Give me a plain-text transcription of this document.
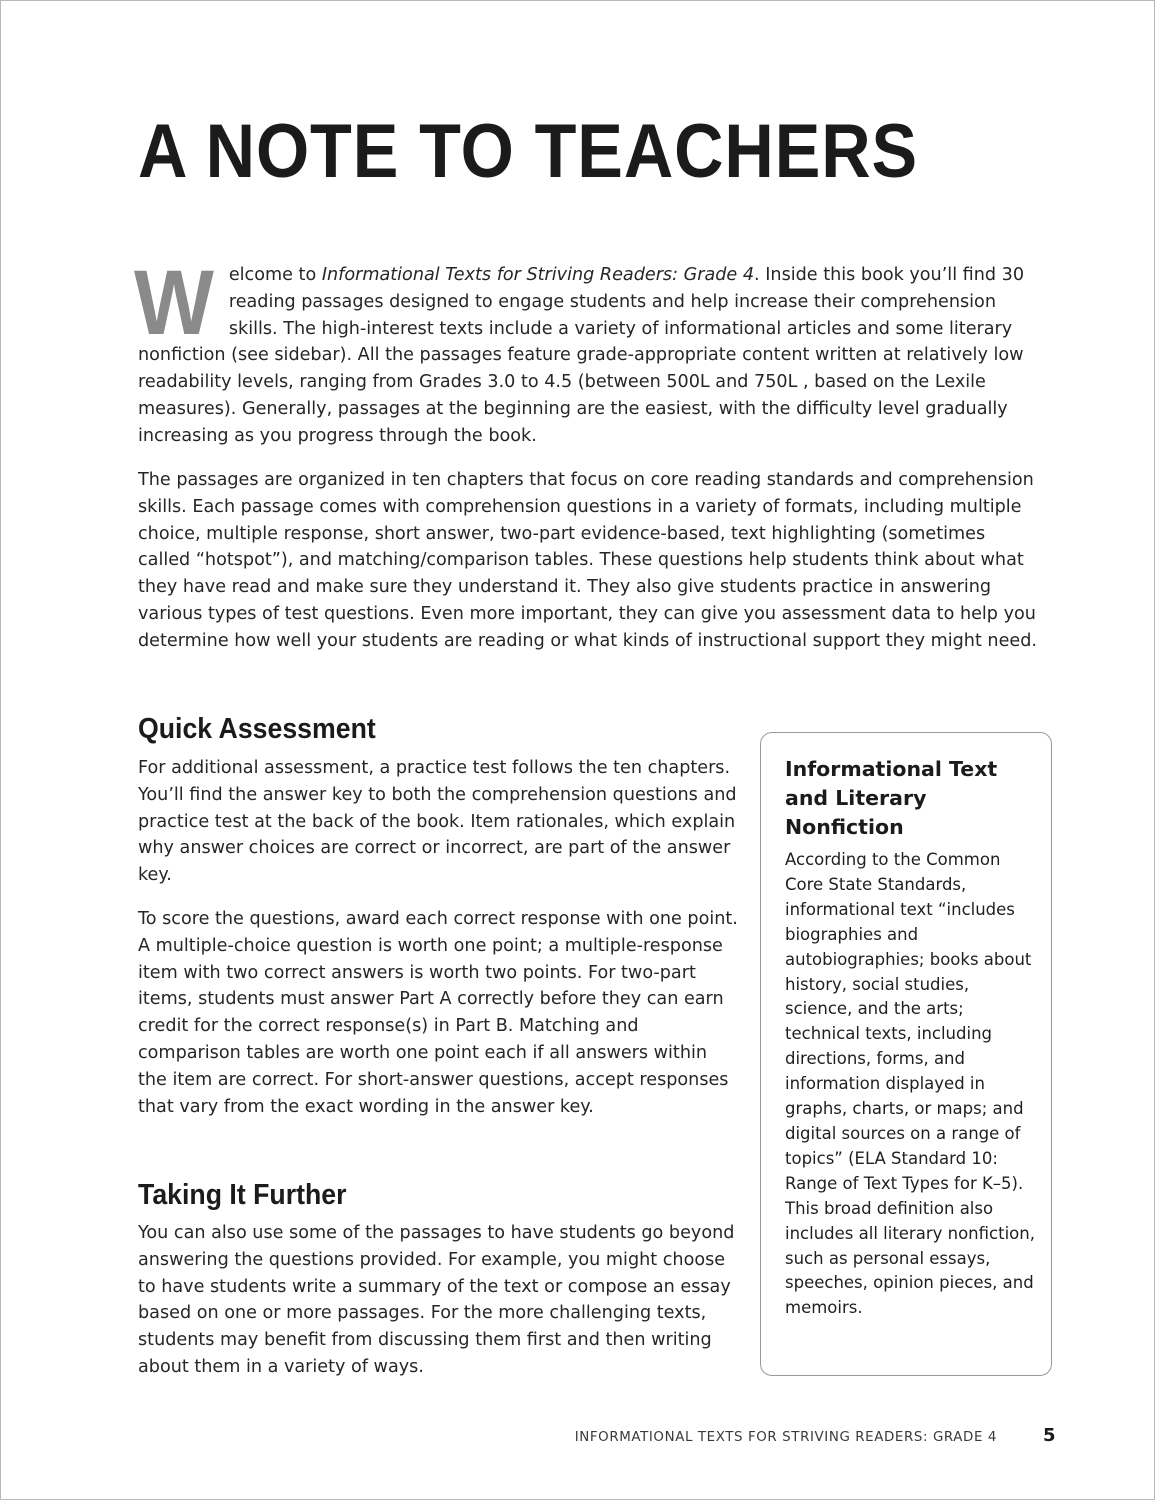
A NOTE TO TEACHERS

Welcome to Informational Texts for Striving Readers: Grade 4. Inside this book you’ll find 30 reading passages designed to engage students and help increase their comprehension skills. The high-interest texts include a variety of informational articles and some literary nonfiction (see sidebar). All the passages feature grade-appropriate content written at relatively low readability levels, ranging from Grades 3.0 to 4.5 (between 500L and 750L , based on the Lexile measures). Generally, passages at the beginning are the easiest, with the difficulty level gradually increasing as you progress through the book.

The passages are organized in ten chapters that focus on core reading standards and comprehension skills. Each passage comes with comprehension questions in a variety of formats, including multiple choice, multiple response, short answer, two-part evidence-based, text highlighting (sometimes called “hotspot”), and matching/comparison tables. These questions help students think about what they have read and make sure they understand it. They also give students practice in answering various types of test questions. Even more important, they can give you assessment data to help you determine how well your students are reading or what kinds of instructional support they might need.

Quick Assessment

For additional assessment, a practice test follows the ten chapters. You’ll find the answer key to both the comprehension questions and practice test at the back of the book. Item rationales, which explain why answer choices are correct or incorrect, are part of the answer key.

To score the questions, award each correct response with one point. A multiple-choice question is worth one point; a multiple-response item with two correct answers is worth two points. For two-part items, students must answer Part A correctly before they can earn credit for the correct response(s) in Part B. Matching and comparison tables are worth one point each if all answers within the item are correct. For short-answer questions, accept responses that vary from the exact wording in the answer key.

Taking It Further

You can also use some of the passages to have students go beyond answering the questions provided. For example, you might choose to have students write a summary of the text or compose an essay based on one or more passages. For the more challenging texts, students may benefit from discussing them first and then writing about them in a variety of ways.

Informational Text and Literary Nonfiction

According to the Common Core State Standards, informational text “includes biographies and autobiographies; books about history, social studies, science, and the arts; technical texts, including directions, forms, and information displayed in graphs, charts, or maps; and digital sources on a range of topics” (ELA Standard 10: Range of Text Types for K–5). This broad definition also includes all literary nonfiction, such as personal essays, speeches, opinion pieces, and memoirs.

INFORMATIONAL TEXTS FOR STRIVING READERS: GRADE 4	5
